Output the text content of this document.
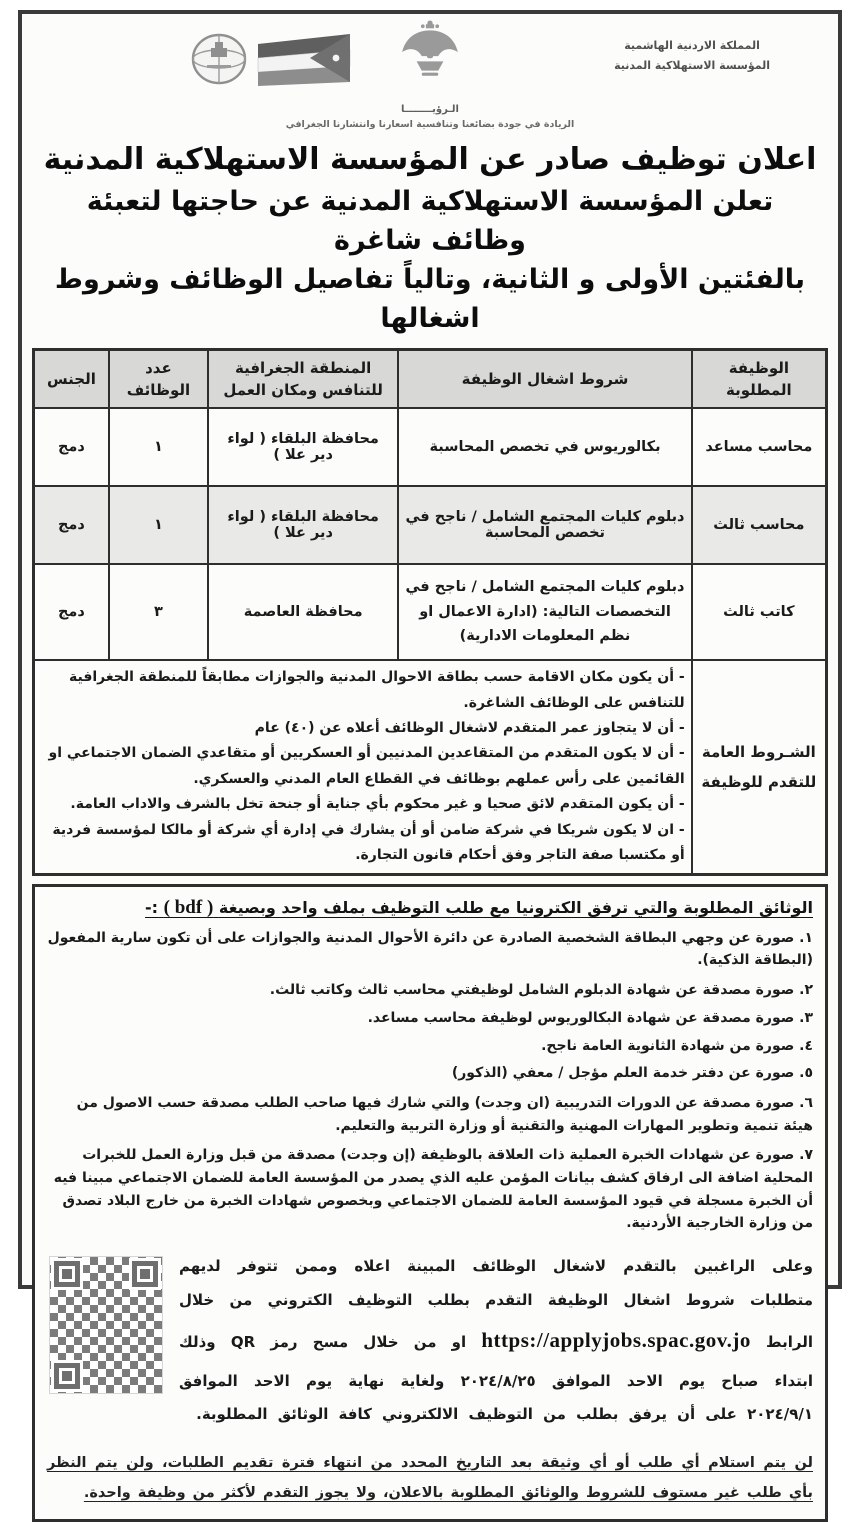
المملكة الاردنية الهاشمية
المؤسسة الاستهلاكية المدنية
الـرؤيــــــــا
الريادة في جودة بضائعنا وتنافسية اسعارنا وانتشارنا الجغرافي
اعلان توظيف صادر عن المؤسسة الاستهلاكية المدنية
تعلن المؤسسة الاستهلاكية المدنية عن حاجتها لتعبئة وظائف شاغرة
بالفئتين الأولى و الثانية، وتالياً تفاصيل الوظائف وشروط اشغالها
الوظيفة المطلوبة	شروط اشغال الوظيفة	المنطقة الجغرافية للتنافس ومكان العمل	عدد الوظائف	الجنس
محاسب مساعد	بكالوريوس في تخصص المحاسبة	محافظة البلقاء ( لواء دير علا )	١	دمج
محاسب ثالث	دبلوم كليات المجتمع الشامل / ناجح في تخصص المحاسبة	محافظة البلقاء ( لواء دير علا )	١	دمج
كاتب ثالث	دبلوم كليات المجتمع الشامل / ناجح في التخصصات التالية: (ادارة الاعمال او نظم المعلومات الادارية)	محافظة العاصمة	٣	دمج
الشـروط العامة للتقدم للوظيفة	- أن يكون مكان الاقامة حسب بطاقة الاحوال المدنية والجوازات مطابقاً للمنطقة الجغرافية للتنافس على الوظائف الشاغرة.
- أن لا يتجاوز عمر المتقدم لاشغال الوظائف أعلاه عن (٤٠) عام
- أن لا يكون المتقدم من المتقاعدين المدنيين أو العسكريين أو متقاعدي الضمان الاجتماعي او القائمين على رأس عملهم بوظائف في القطاع العام المدني والعسكري.
- أن يكون المتقدم لائق صحيا و غير محكوم بأي جناية أو جنحة تخل بالشرف والاداب العامة.
- ان لا يكون شريكا في شركة ضامن أو أن يشارك في إدارة أي شركة أو مالكا لمؤسسة فردية أو مكتسبا صفة التاجر وفق أحكام قانون التجارة.			
الوثائق المطلوبة والتي ترفق الكترونيا مع طلب التوظيف بملف واحد وبصيغة ( bdf ) :-
١. صورة عن وجهي البطاقة الشخصية الصادرة عن دائرة الأحوال المدنية والجوازات على أن تكون سارية المفعول (البطاقة الذكية).
٢. صورة مصدقة عن شهادة الدبلوم الشامل لوظيفتي محاسب ثالث وكاتب ثالث.
٣. صورة مصدقة عن شهادة البكالوريوس لوظيفة محاسب مساعد.
٤. صورة من شهادة الثانوية العامة ناجح.
٥. صورة عن دفتر خدمة العلم مؤجل / معفي (الذكور)
٦. صورة مصدقة عن الدورات التدريبية (ان وجدت) والتي شارك فيها صاحب الطلب مصدقة حسب الاصول من هيئة تنمية وتطوير المهارات المهنية والتقنية أو وزارة التربية والتعليم.
٧. صورة عن شهادات الخبرة العملية ذات العلاقة بالوظيفة (إن وجدت) مصدقة من قبل وزارة العمل للخبرات المحلية اضافة الى ارفاق كشف بيانات المؤمن عليه الذي يصدر من المؤسسة العامة للضمان الاجتماعي مبينا فيه أن الخبرة مسجلة في قيود المؤسسة العامة للضمان الاجتماعي وبخصوص شهادات الخبرة من خارج البلاد تصدق من وزارة الخارجية الأردنية.

وعلى الراغبين بالتقدم لاشغال الوظائف المبينة اعلاه وممن تتوفر لديهم متطلبات شروط اشغال الوظيفة التقدم بطلب التوظيف الكتروني من خلال الرابط https://applyjobs.spac.gov.jo او من خلال مسح رمز QR وذلك ابتداء صباح يوم الاحد الموافق ٢٠٢٤/٨/٢٥ ولغاية نهاية يوم الاحد الموافق ٢٠٢٤/٩/١ على أن يرفق بطلب من التوظيف الالكتروني كافة الوثائق المطلوبة.

لن يتم استلام أي طلب أو أي وثيقة بعد التاريخ المحدد من انتهاء فترة تقديم الطلبات، ولن يتم النظر بأي طلب غير مستوف للشروط والوثائق المطلوبة بالاعلان، ولا يجوز التقدم لأكثر من وظيفة واحدة.
